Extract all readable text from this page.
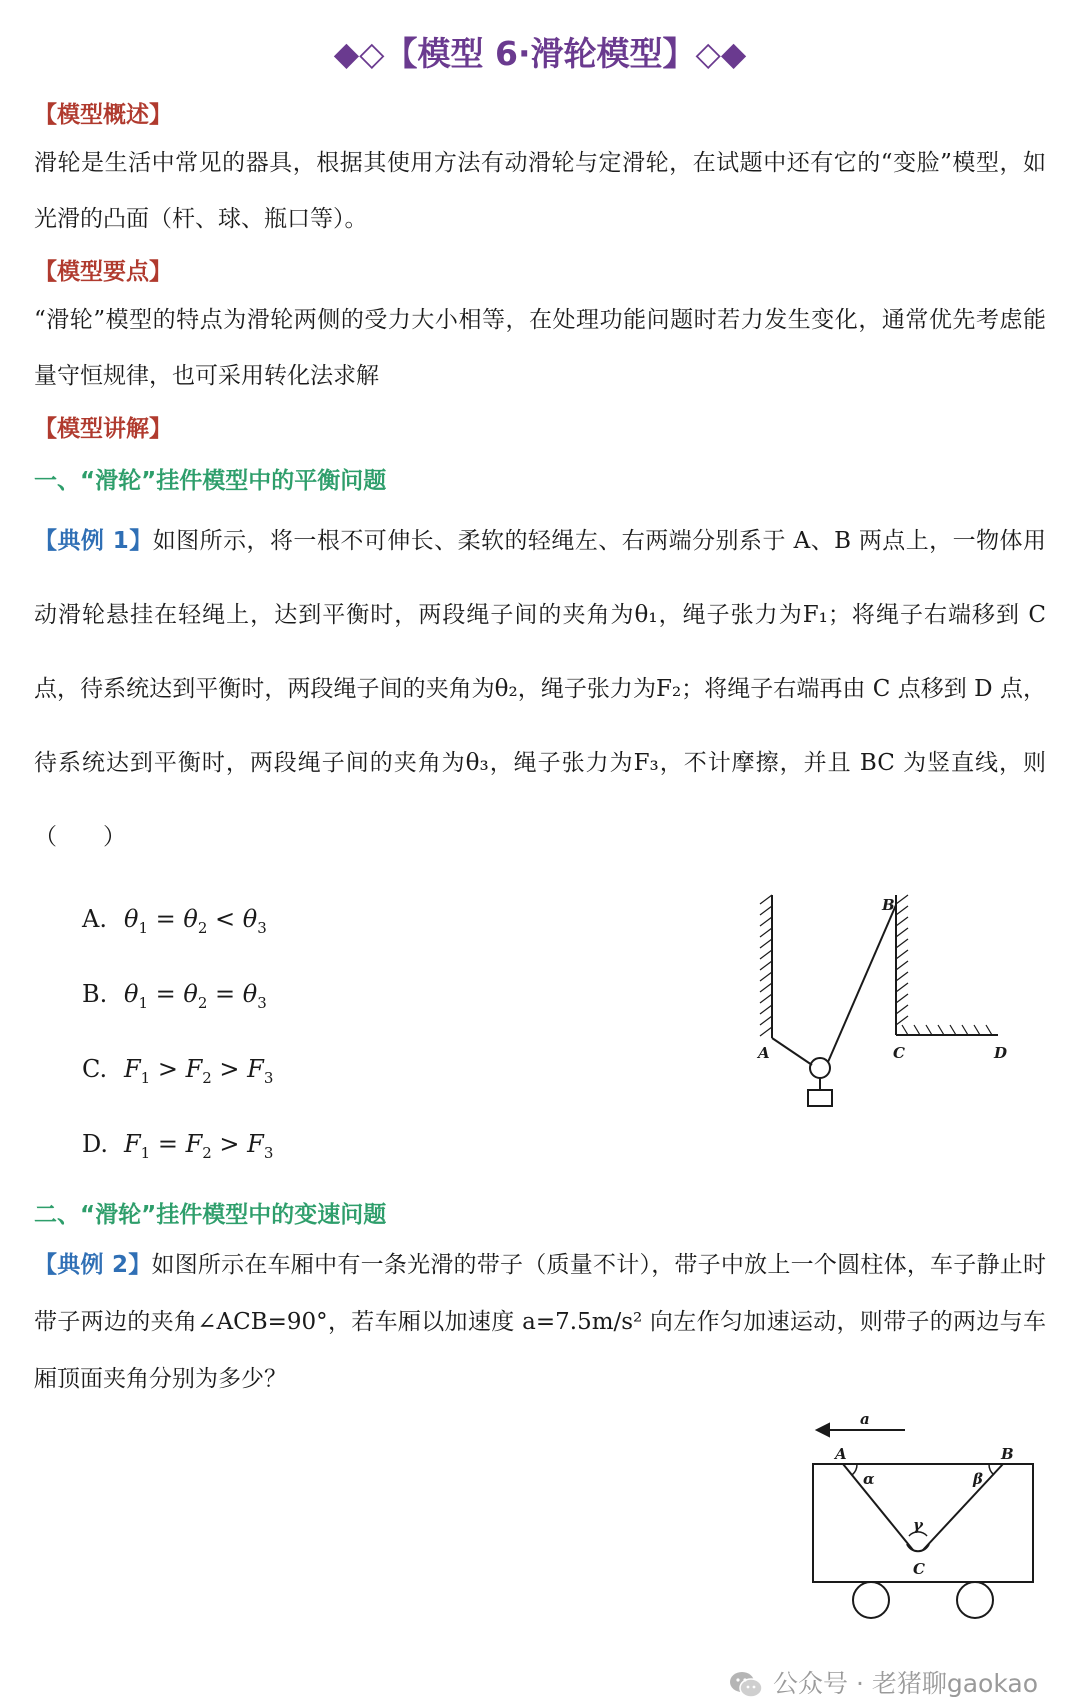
◆◇【模型 6·滑轮模型】◇◆
【模型概述】
滑轮是生活中常见的器具，根据其使用方法有动滑轮与定滑轮，在试题中还有它的“变脸”模型，如光滑的凸面（杆、球、瓶口等）。
【模型要点】
“滑轮”模型的特点为滑轮两侧的受力大小相等，在处理功能问题时若力发生变化，通常优先考虑能量守恒规律，也可采用转化法求解
【模型讲解】
一、“滑轮”挂件模型中的平衡问题
【典例 1】如图所示，将一根不可伸长、柔软的轻绳左、右两端分别系于 A、B 两点上，一物体用动滑轮悬挂在轻绳上，达到平衡时，两段绳子间的夹角为θ₁，绳子张力为F₁；将绳子右端移到 C 点，待系统达到平衡时，两段绳子间的夹角为θ₂，绳子张力为F₂；将绳子右端再由 C 点移到 D 点，待系统达到平衡时，两段绳子间的夹角为θ₃，绳子张力为F₃，不计摩擦，并且 BC 为竖直线，则（　　）
A. $\theta_1 = \theta_2 < \theta_3$
B. $\theta_1 = \theta_2 = \theta_3$
C. $F_1 > F_2 > F_3$
D. $F_1 = F_2 > F_3$
A
B
C	D
二、“滑轮”挂件模型中的变速问题
【典例 2】如图所示在车厢中有一条光滑的带子（质量不计），带子中放上一个圆柱体，车子静止时带子两边的夹角∠ACB=90°，若车厢以加速度 a=7.5m/s² 向左作匀加速运动，则带子的两边与车厢顶面夹角分别为多少？
a
A	B
C
α	β
γ
公众号 · 老猪聊gaokao
